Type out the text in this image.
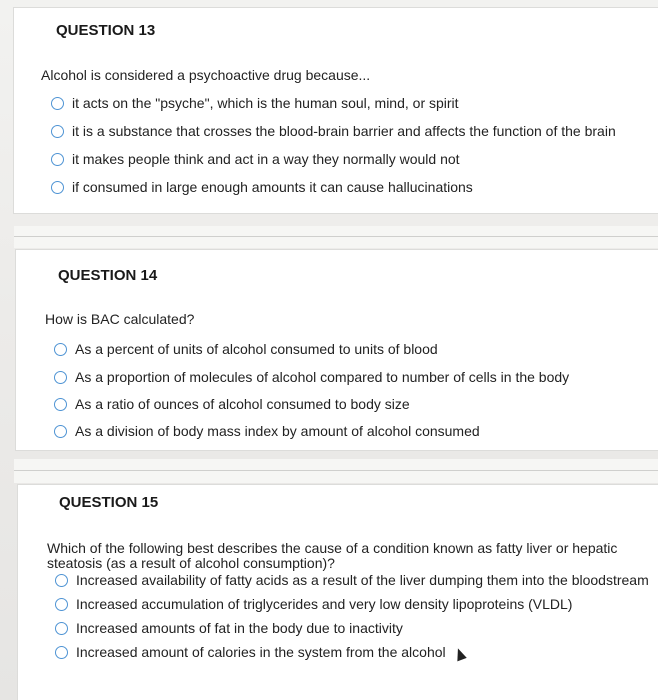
QUESTION 13
Alcohol is considered a psychoactive drug because...
it acts on the "psyche", which is the human soul, mind, or spirit
it is a substance that crosses the blood-brain barrier and affects the function of the brain
it makes people think and act in a way they normally would not
if consumed in large enough amounts it can cause hallucinations
QUESTION 14
How is BAC calculated?
As a percent of units of alcohol consumed to units of blood
As a proportion of molecules of alcohol compared to number of cells in the body
As a ratio of ounces of alcohol consumed to body size
As a division of body mass index by amount of alcohol consumed
QUESTION 15
Which of the following best describes the cause of a condition known as fatty liver or hepatic
steatosis (as a result of alcohol consumption)?
Increased availability of fatty acids as a result of the liver dumping them into the bloodstream
Increased accumulation of triglycerides and very low density lipoproteins (VLDL)
Increased amounts of fat in the body due to inactivity
Increased amount of calories in the system from the alcohol
